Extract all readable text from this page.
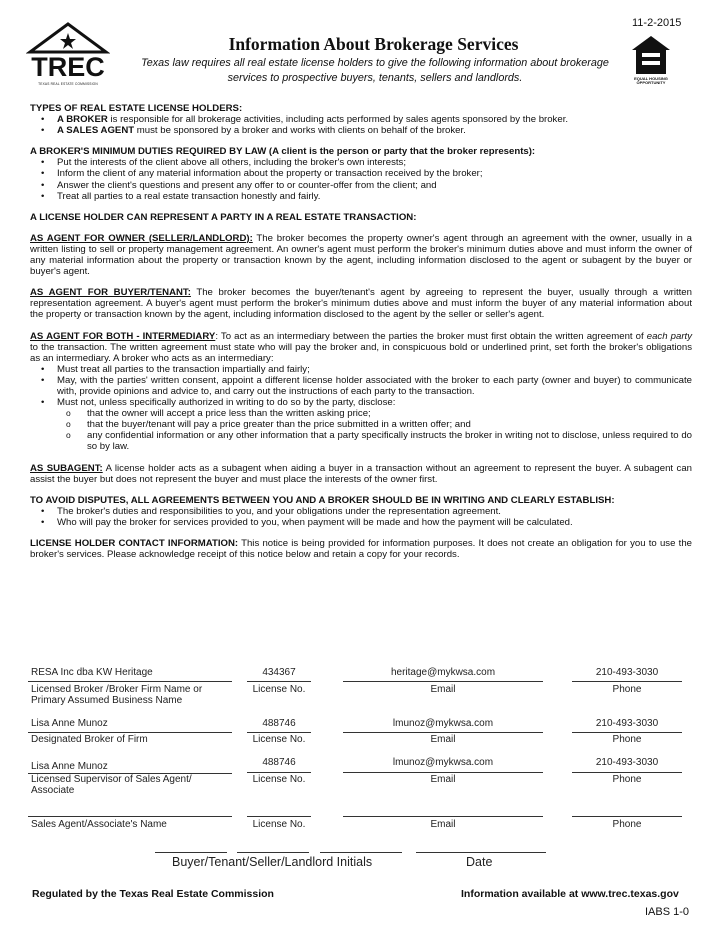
TREC
TEXAS REAL ESTATE COMMISSION
11-2-2015
EQUAL HOUSING OPPORTUNITY
Information About Brokerage Services
Texas law requires all real estate license holders to give the following information about brokerage services to prospective buyers, tenants, sellers and landlords.

TYPES OF REAL ESTATE LICENSE HOLDERS:

• A BROKER is responsible for all brokerage activities, including acts performed by sales agents sponsored by the broker.
• A SALES AGENT must be sponsored by a broker and works with clients on behalf of the broker.

A BROKER'S MINIMUM DUTIES REQUIRED BY LAW (A client is the person or party that the broker represents):

• Put the interests of the client above all others, including the broker's own interests;
• Inform the client of any material information about the property or transaction received by the broker;
• Answer the client's questions and present any offer to or counter-offer from the client; and
• Treat all parties to a real estate transaction honestly and fairly.

A LICENSE HOLDER CAN REPRESENT A PARTY IN A REAL ESTATE TRANSACTION:

AS AGENT FOR OWNER (SELLER/LANDLORD): The broker becomes the property owner's agent through an agreement with the owner, usually in a written listing to sell or property management agreement. An owner's agent must perform the broker's minimum duties above and must inform the owner of any material information about the property or transaction known by the agent, including information disclosed to the agent or subagent by the buyer or buyer's agent.

AS AGENT FOR BUYER/TENANT: The broker becomes the buyer/tenant's agent by agreeing to represent the buyer, usually through a written representation agreement. A buyer's agent must perform the broker's minimum duties above and must inform the buyer of any material information about the property or transaction known by the agent, including information disclosed to the agent by the seller or seller's agent.

AS AGENT FOR BOTH - INTERMEDIARY: To act as an intermediary between the parties the broker must first obtain the written agreement of each party to the transaction. The written agreement must state who will pay the broker and, in conspicuous bold or underlined print, set forth the broker's obligations as an intermediary. A broker who acts as an intermediary:

• Must treat all parties to the transaction impartially and fairly;
• May, with the parties' written consent, appoint a different license holder associated with the broker to each party (owner and buyer) to communicate with, provide opinions and advice to, and carry out the instructions of each party to the transaction.
• Must not, unless specifically authorized in writing to do so by the party, disclose:
o that the owner will accept a price less than the written asking price;
o that the buyer/tenant will pay a price greater than the price submitted in a written offer; and
o any confidential information or any other information that a party specifically instructs the broker in writing not to disclose, unless required to do so by law.

AS SUBAGENT: A license holder acts as a subagent when aiding a buyer in a transaction without an agreement to represent the buyer. A subagent can assist the buyer but does not represent the buyer and must place the interests of the owner first.

TO AVOID DISPUTES, ALL AGREEMENTS BETWEEN YOU AND A BROKER SHOULD BE IN WRITING AND CLEARLY ESTABLISH:

• The broker's duties and responsibilities to you, and your obligations under the representation agreement.
• Who will pay the broker for services provided to you, when payment will be made and how the payment will be calculated.

LICENSE HOLDER CONTACT INFORMATION: This notice is being provided for information purposes. It does not create an obligation for you to use the broker's services. Please acknowledge receipt of this notice below and retain a copy for your records.

RESA Inc dba KW Heritage	434367	heritage@mykwsa.com	210-493-3030
Licensed Broker /Broker Firm Name or Primary Assumed Business Name
License No.	Email	Phone
Lisa Anne Munoz	488746	lmunoz@mykwsa.com	210-493-3030
Designated Broker of Firm	License No.	Email	Phone
Lisa Anne Munoz	488746	lmunoz@mykwsa.com	210-493-3030
Licensed Supervisor of Sales Agent/ Associate
License No.	Email	Phone
Sales Agent/Associate's Name	License No.	Email	Phone
Buyer/Tenant/Seller/Landlord Initials	Date
Regulated by the Texas Real Estate Commission	Information available at www.trec.texas.gov
IABS 1-0
